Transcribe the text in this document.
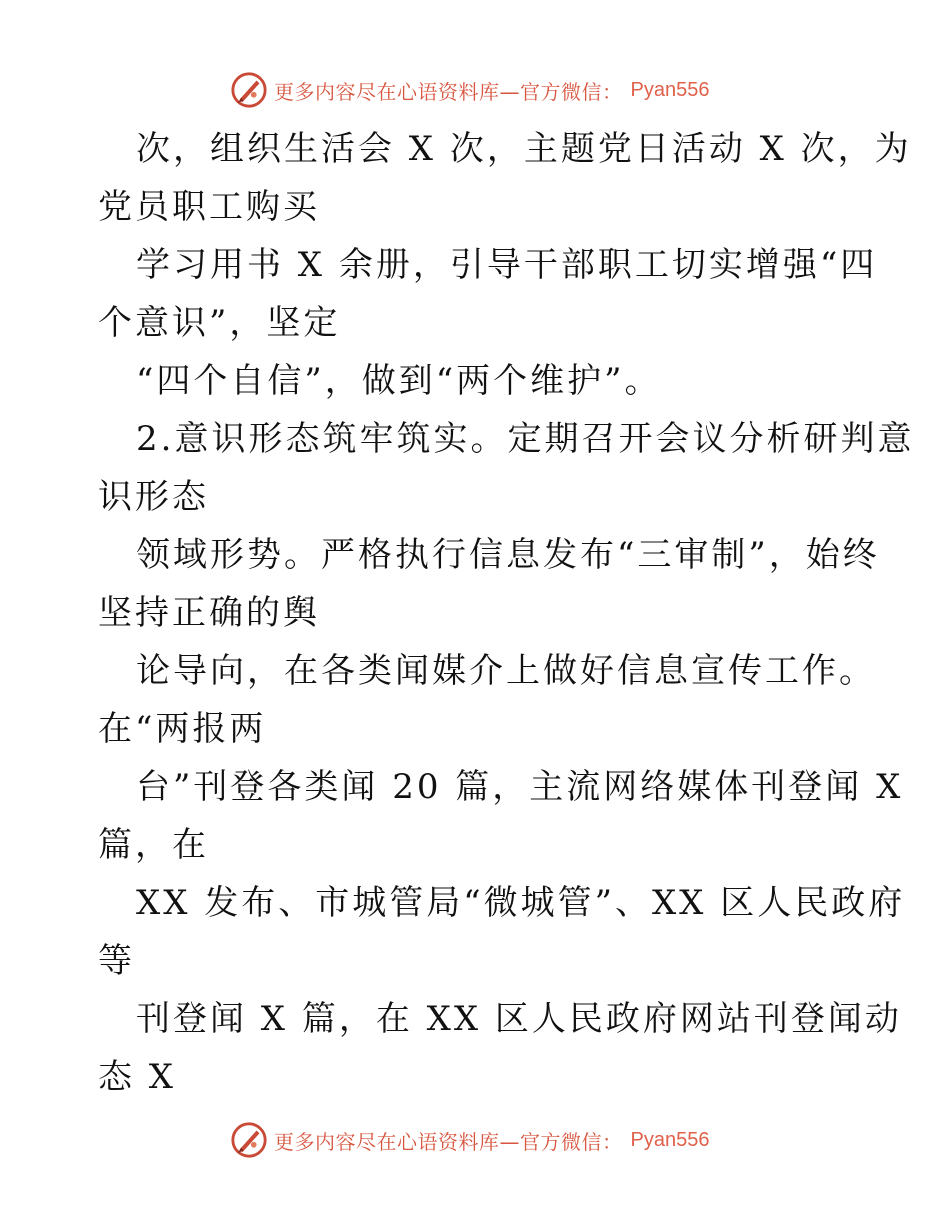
更多内容尽在心语资料库—官方微信： Pyan556
次，组织生活会 X 次，主题党日活动 X 次，为
党员职工购买
学习用书 X 余册，引导干部职工切实增强“四
个意识”，坚定
“四个自信”，做到“两个维护”。
2.意识形态筑牢筑实。定期召开会议分析研判意
识形态
领域形势。严格执行信息发布“三审制”，始终
坚持正确的舆
论导向，在各类闻媒介上做好信息宣传工作。
在“两报两
台”刊登各类闻 20 篇，主流网络媒体刊登闻 X
篇，在
XX 发布、市城管局“微城管”、XX 区人民政府
等
刊登闻 X 篇，在 XX 区人民政府网站刊登闻动
态 X
更多内容尽在心语资料库—官方微信： Pyan556
